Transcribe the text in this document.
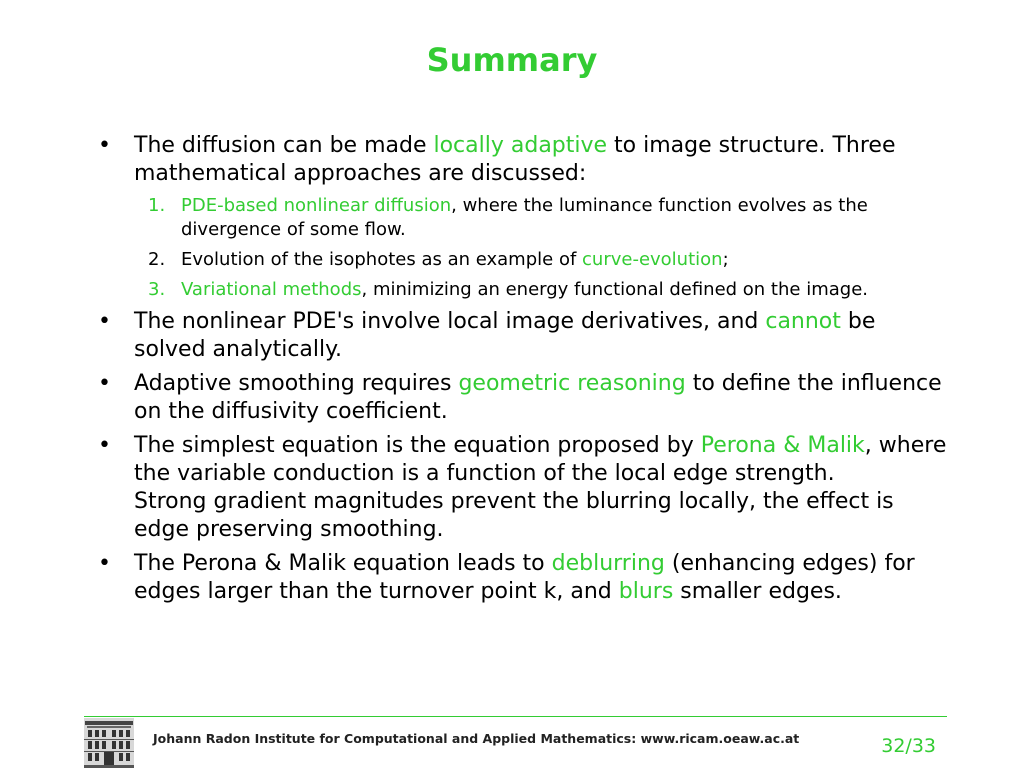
Summary
• The diffusion can be made locally adaptive to image structure. Three mathematical approaches are discussed:
1. PDE-based nonlinear diffusion, where the luminance function evolves as the divergence of some flow.
2. Evolution of the isophotes as an example of curve-evolution;
3. Variational methods, minimizing an energy functional defined on the image.
• The nonlinear PDE's involve local image derivatives, and cannot be solved analytically.
• Adaptive smoothing requires geometric reasoning to define the influence on the diffusivity coefficient.
• The simplest equation is the equation proposed by Perona & Malik, where the variable conduction is a function of the local edge strength.
Strong gradient magnitudes prevent the blurring locally, the effect is edge preserving smoothing.
• The Perona & Malik equation leads to deblurring (enhancing edges) for edges larger than the turnover point k, and blurs smaller edges.
Johann Radon Institute for Computational and Applied Mathematics: www.ricam.oeaw.ac.at	32/33
